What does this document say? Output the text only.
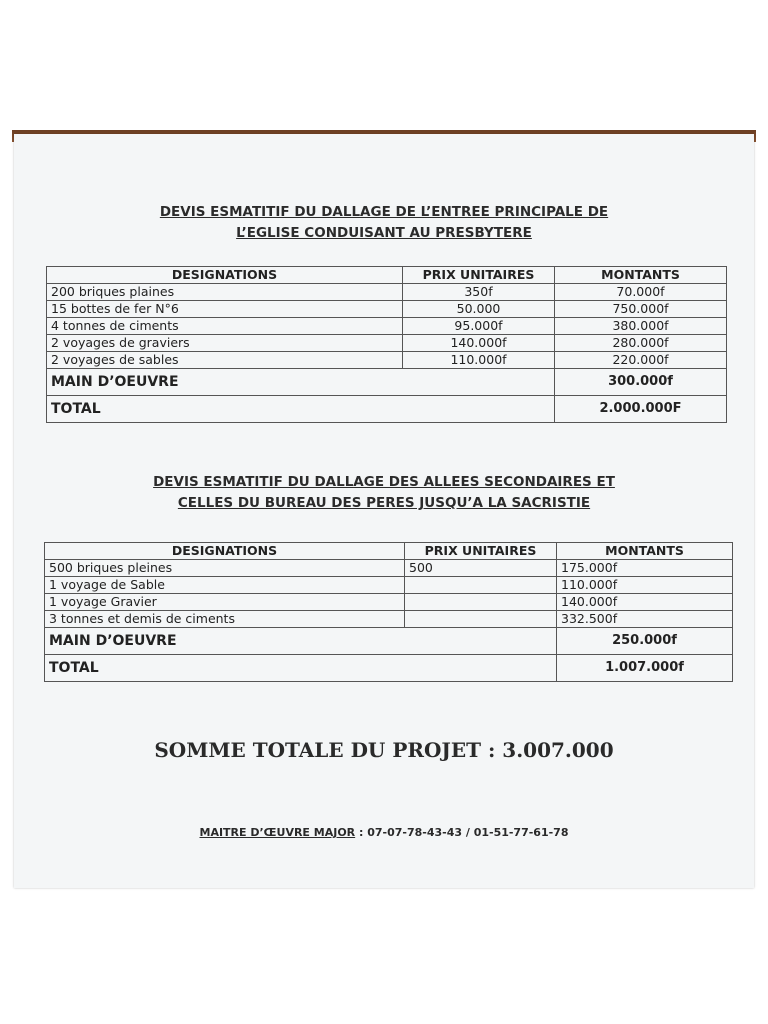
DEVIS ESMATITIF DU DALLAGE DE L’ENTREE PRINCIPALE DE
L’EGLISE CONDUISANT AU PRESBYTERE
DESIGNATIONS	PRIX UNITAIRES	MONTANTS
200 briques plaines	350f	70.000f
15 bottes de fer N°6	50.000	750.000f
4 tonnes de ciments	95.000f	380.000f
2 voyages de graviers	140.000f	280.000f
2 voyages de sables	110.000f	220.000f
MAIN D’OEUVRE		300.000f
TOTAL		2.000.000F
DEVIS ESMATITIF DU DALLAGE DES ALLEES SECONDAIRES ET
CELLES DU BUREAU DES PERES JUSQU’A LA SACRISTIE
DESIGNATIONS	PRIX UNITAIRES	MONTANTS
500 briques pleines	500	175.000f
1 voyage de Sable		110.000f
1 voyage Gravier		140.000f
3 tonnes et demis de ciments		332.500f
MAIN D’OEUVRE		250.000f
TOTAL		1.007.000f
SOMME TOTALE DU PROJET : 3.007.000
MAITRE D’ŒUVRE MAJOR : 07-07-78-43-43 / 01-51-77-61-78
